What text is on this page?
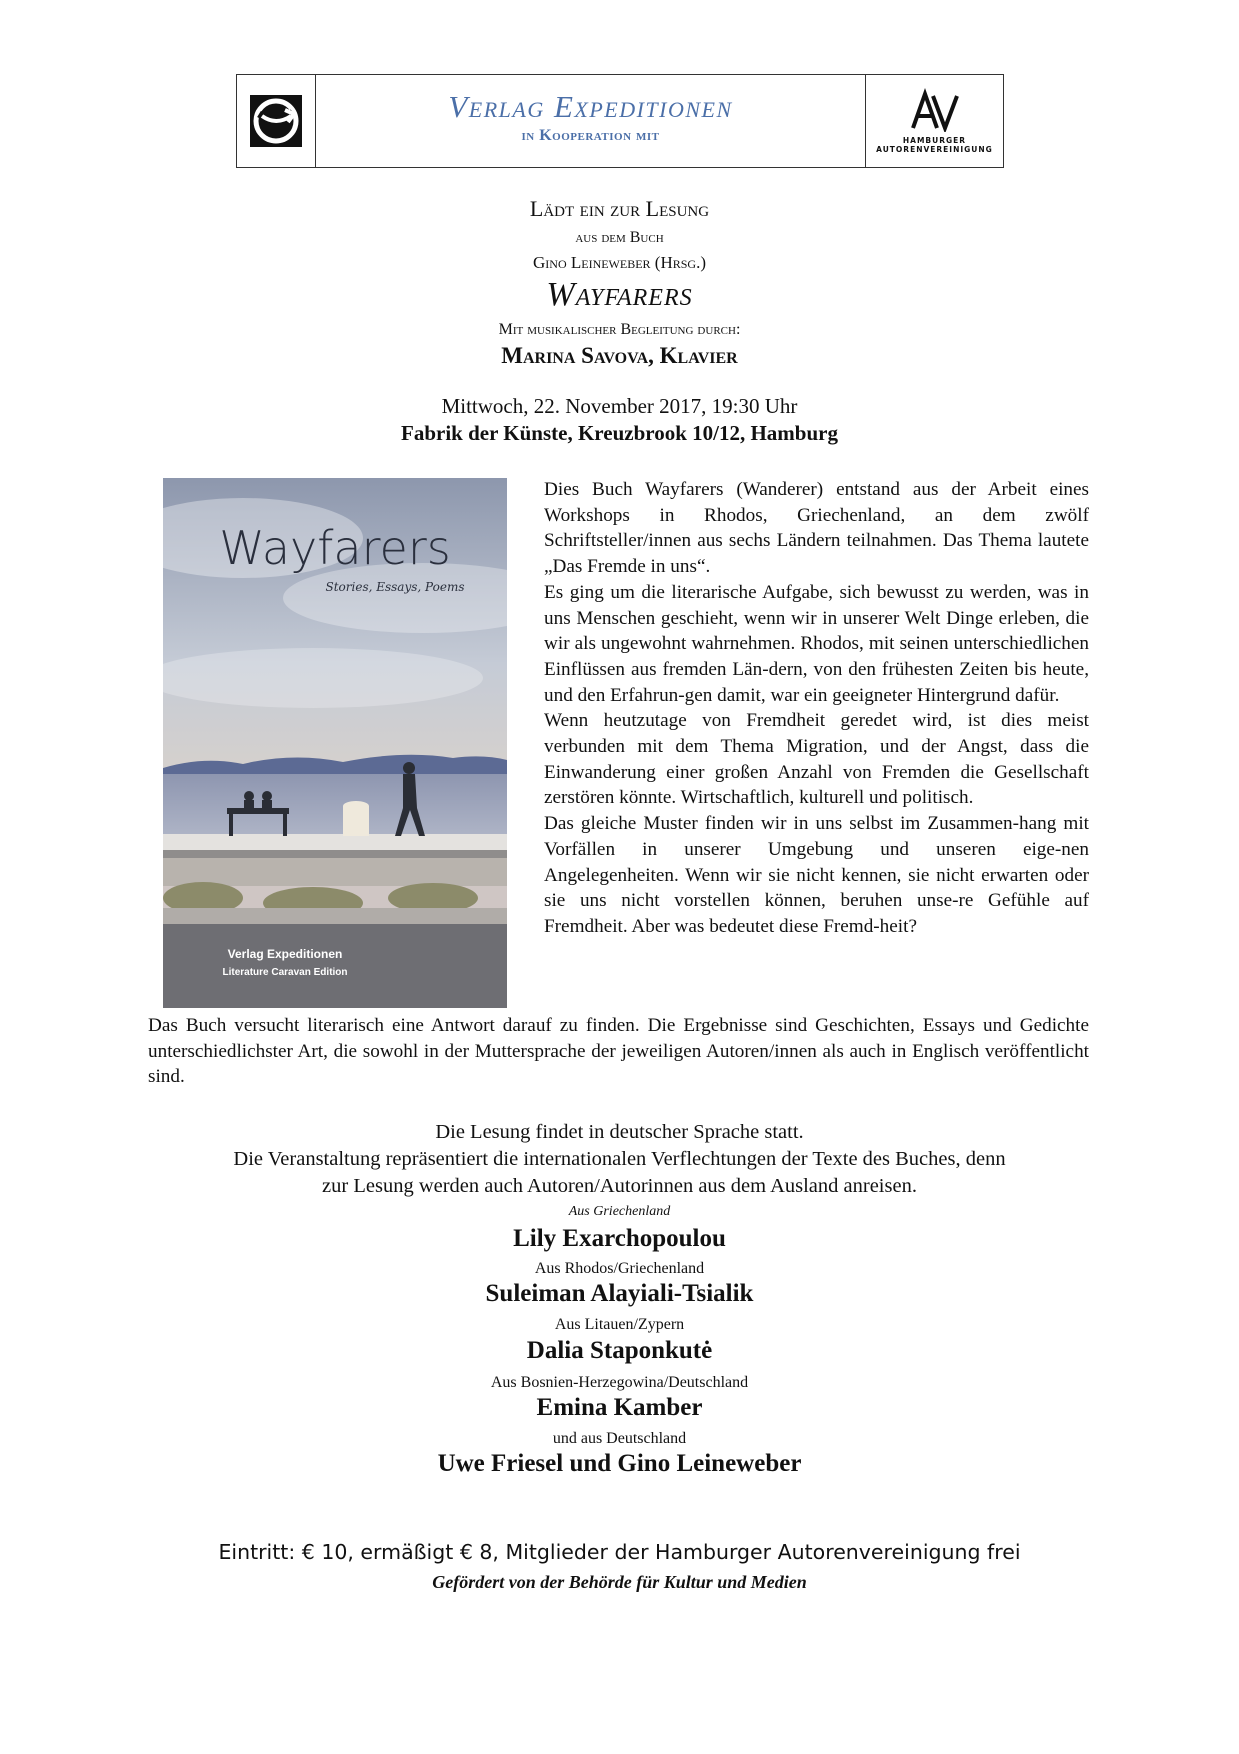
Verlag Expeditionen
in Kooperation mit	HAMBURGER
AUTORENVEREINIGUNG
Lädt ein zur Lesung
aus dem Buch
Gino Leineweber (Hrsg.)
Wayfarers
Mit musikalischer Begleitung durch:
Marina Savova, Klavier
Mittwoch, 22. November 2017, 19:30 Uhr
Fabrik der Künste, Kreuzbrook 10/12, Hamburg
Wayfarers
Stories, Essays, Poems
Verlag Expeditionen
Literature Caravan Edition

Dies Buch Wayfarers (Wanderer) entstand aus der Arbeit eines Workshops in Rhodos, Griechenland, an dem zwölf Schriftsteller/innen aus sechs Ländern teilnahmen. Das Thema lautete „Das Fremde in uns“.

Es ging um die literarische Aufgabe, sich bewusst zu werden, was in uns Menschen geschieht, wenn wir in unserer Welt Dinge erleben, die wir als ungewohnt wahrnehmen. Rhodos, mit seinen unterschiedlichen Einflüssen aus fremden Län-dern, von den frühesten Zeiten bis heute, und den Erfahrun-gen damit, war ein geeigneter Hintergrund dafür.

Wenn heutzutage von Fremdheit geredet wird, ist dies meist verbunden mit dem Thema Migration, und der Angst, dass die Einwanderung einer großen Anzahl von Fremden die Gesellschaft zerstören könnte. Wirtschaftlich, kulturell und politisch.

Das gleiche Muster finden wir in uns selbst im Zusammen-hang mit Vorfällen in unserer Umgebung und unseren eige-nen Angelegenheiten. Wenn wir sie nicht kennen, sie nicht erwarten oder sie uns nicht vorstellen können, beruhen unse-re Gefühle auf Fremdheit. Aber was bedeutet diese Fremd-heit?

Das Buch versucht literarisch eine Antwort darauf zu finden. Die Ergebnisse sind Geschichten, Essays und Gedichte unterschiedlichster Art, die sowohl in der Muttersprache der jeweiligen Autoren/innen als auch in Englisch veröffentlicht sind.
Die Lesung findet in deutscher Sprache statt.
Die Veranstaltung repräsentiert die internationalen Verflechtungen der Texte des Buches, denn
zur Lesung werden auch Autoren/Autorinnen aus dem Ausland anreisen.
Aus Griechenland
Lily Exarchopoulou
Aus Rhodos/Griechenland
Suleiman Alayiali-Tsialik
Aus Litauen/Zypern
Dalia Staponkutė
Aus Bosnien-Herzegowina/Deutschland
Emina Kamber
und aus Deutschland
Uwe Friesel und Gino Leineweber
Eintritt: € 10, ermäßigt € 8, Mitglieder der Hamburger Autorenvereinigung frei
Gefördert von der Behörde für Kultur und Medien
